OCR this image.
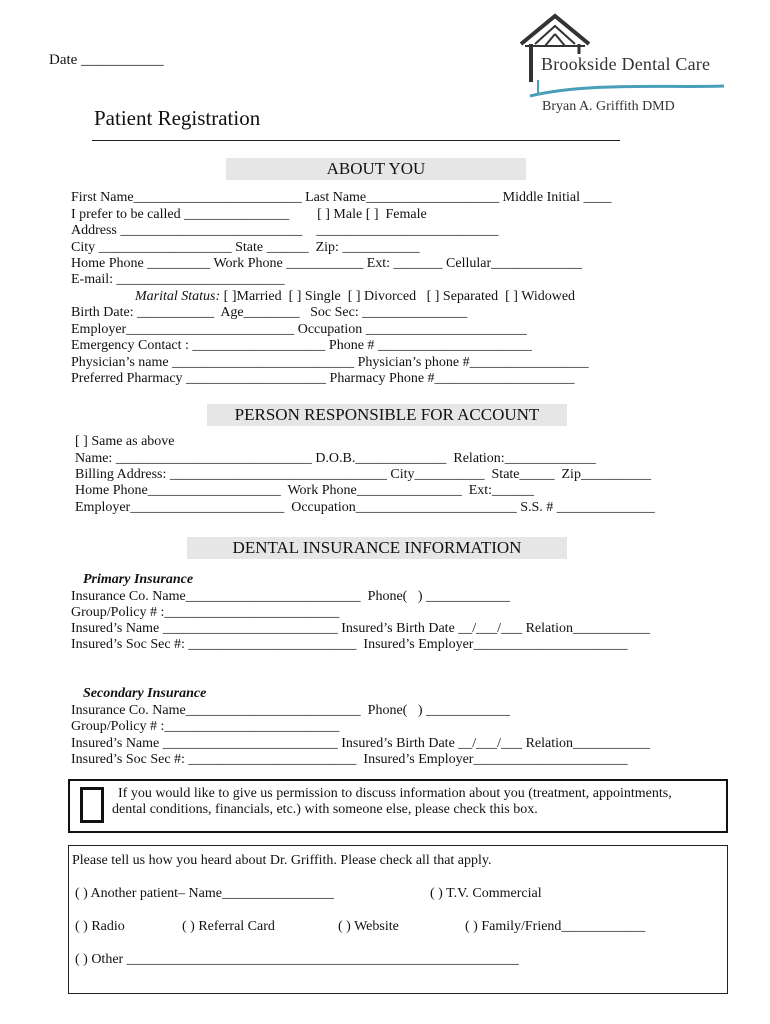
Date ___________
Patient Registration
Brookside Dental Care
Bryan A. Griffith DMD
ABOUT YOU
First Name________________________ Last Name___________________ Middle Initial ____
I prefer to be called _______________        [ ] Male [ ]  Female
Address __________________________    __________________________
City ___________________ State ______  Zip: ___________
Home Phone _________ Work Phone ___________ Ext: _______ Cellular_____________
E-mail: ________________________
Marital Status: [ ]Married  [ ] Single  [ ] Divorced   [ ] Separated  [ ] Widowed
Birth Date: ___________  Age________   Soc Sec: _______________
Employer________________________ Occupation _______________________
Emergency Contact : ___________________ Phone # ______________________
Physician’s name __________________________ Physician’s phone #_________________
Preferred Pharmacy ____________________ Pharmacy Phone #____________________
PERSON RESPONSIBLE FOR ACCOUNT
[ ] Same as above
Name: ____________________________ D.O.B._____________  Relation:_____________
Billing Address: _______________________________ City__________  State_____  Zip__________
Home Phone___________________  Work Phone_______________  Ext:______
Employer______________________  Occupation_______________________ S.S. # ______________
DENTAL INSURANCE INFORMATION
Primary Insurance
Insurance Co. Name_________________________  Phone(   ) ____________
Group/Policy # :_________________________
Insured’s Name _________________________ Insured’s Birth Date __/___/___ Relation___________
Insured’s Soc Sec #: ________________________  Insured’s Employer______________________
Secondary Insurance
Insurance Co. Name_________________________  Phone(   ) ____________
Group/Policy # :_________________________
Insured’s Name _________________________ Insured’s Birth Date __/___/___ Relation___________
Insured’s Soc Sec #: ________________________  Insured’s Employer______________________
If you would like to give us permission to discuss information about you (treatment, appointments,
dental conditions, financials, etc.) with someone else, please check this box.
Please tell us how you heard about Dr. Griffith. Please check all that apply.
( ) Another patient– Name________________	( ) T.V. Commercial
( ) Radio	( ) Referral Card	( ) Website	( ) Family/Friend____________
( ) Other ________________________________________________________
